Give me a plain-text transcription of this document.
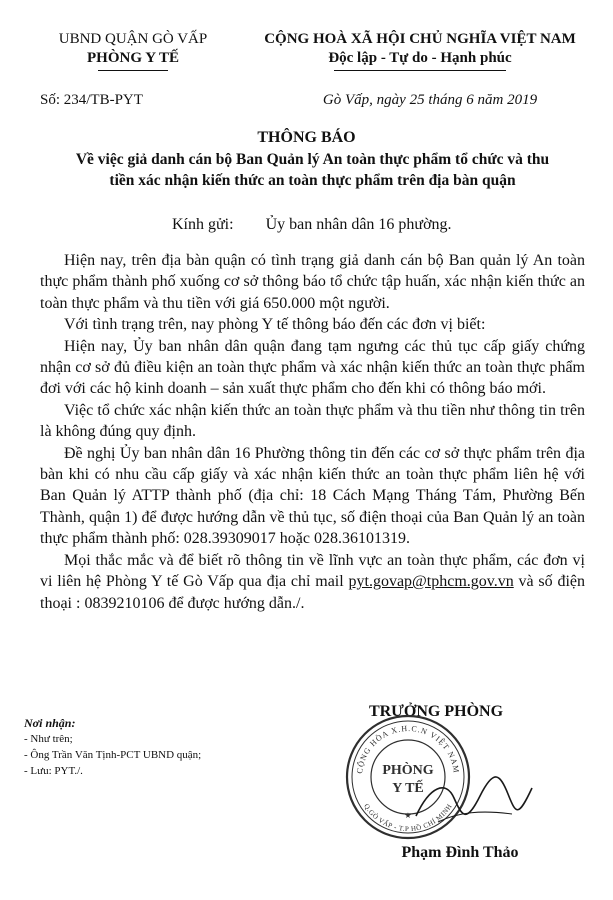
UBND QUẬN GÒ VẤP
PHÒNG Y TẾ
CỘNG HOÀ XÃ HỘI CHỦ NGHĨA VIỆT NAM
Độc lập - Tự do - Hạnh phúc
Số: 234/TB-PYT	Gò Vấp, ngày 25 tháng 6 năm 2019
THÔNG BÁO
Về việc giả danh cán bộ Ban Quản lý An toàn thực phẩm tổ chức và thu
tiền xác nhận kiến thức an toàn thực phẩm trên địa bàn quận
Kính gửi: Ủy ban nhân dân 16 phường.

Hiện nay, trên địa bàn quận có tình trạng giả danh cán bộ Ban quản lý An toàn thực phẩm thành phố xuống cơ sở thông báo tổ chức tập huấn, xác nhận kiến thức an toàn thực phẩm và thu tiền với giá 650.000 một người.

Với tình trạng trên, nay phòng Y tế thông báo đến các đơn vị biết:

Hiện nay, Ủy ban nhân dân quận đang tạm ngưng các thủ tục cấp giấy chứng nhận cơ sở đủ điều kiện an toàn thực phẩm và xác nhận kiến thức an toàn thực phẩm đơi với các hộ kinh doanh – sản xuất thực phẩm cho đến khi có thông báo mới.

Việc tổ chức xác nhận kiến thức an toàn thực phẩm và thu tiền như thông tin trên là không đúng quy định.

Đề nghị Ủy ban nhân dân 16 Phường thông tin đến các cơ sở thực phẩm trên địa bàn khi có nhu cầu cấp giấy và xác nhận kiến thức an toàn thực phẩm liên hệ với Ban Quản lý ATTP thành phố (địa chỉ: 18 Cách Mạng Tháng Tám, Phường Bến Thành, quận 1) để được hướng dẫn về thủ tục, số điện thoại của Ban Quản lý an toàn thực phẩm thành phố: 028.39309017 hoặc 028.36101319.

Mọi thắc mắc và để biết rõ thông tin về lĩnh vực an toàn thực phẩm, các đơn vị vi liên hệ Phòng Y tế Gò Vấp qua địa chỉ mail pyt.govap@tphcm.gov.vn và số điện thoại : 0839210106 để được hướng dẫn./.

Nơi nhận:
- Như trên;
- Ông Trần Văn Tịnh-PCT UBND quận;
- Lưu: PYT./.
TRƯỞNG PHÒNG
CỘNG HÒA X.H.C.N VIỆT NAM
Q.GÒ VẤP - T.P HỒ CHÍ MINH
PHÒNG
Y TẾ
★
Phạm Đình Thảo
